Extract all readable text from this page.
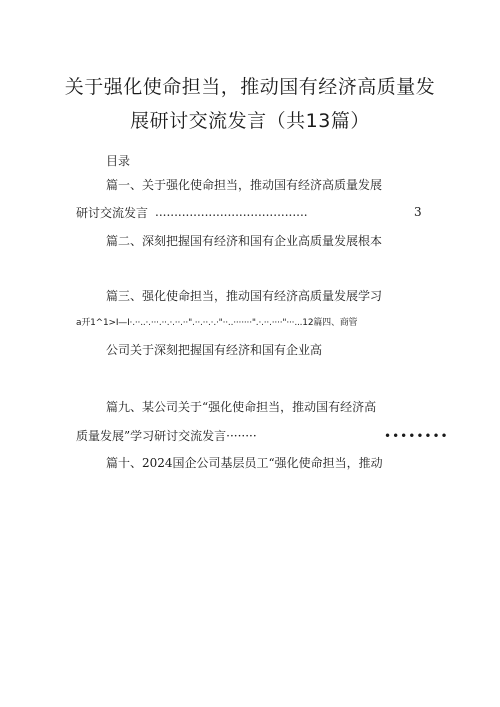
关于强化使命担当，推动国有经济高质量发
展研讨交流发言（共13篇）
目录
篇一、关于强化使命担当，推动国有经济高质量发展
研讨交流发言 ........................................	3
篇二、深刻把握国有经济和国有企业高质量发展根本
篇三、强化使命担当，推动国有经济高质量发展学习
a开1^1>I—I·.··..·.···.··.·.··.··".··.··.·.·"··..·······".·.··.····"···...12篇四、商管
公司关于深刻把握国有经济和国有企业高
篇九、某公司关于“强化使命担当，推动国有经济高
质量发展”学习研讨交流发言········	••••••••
篇十、2024国企公司基层员工“强化使命担当，推动
